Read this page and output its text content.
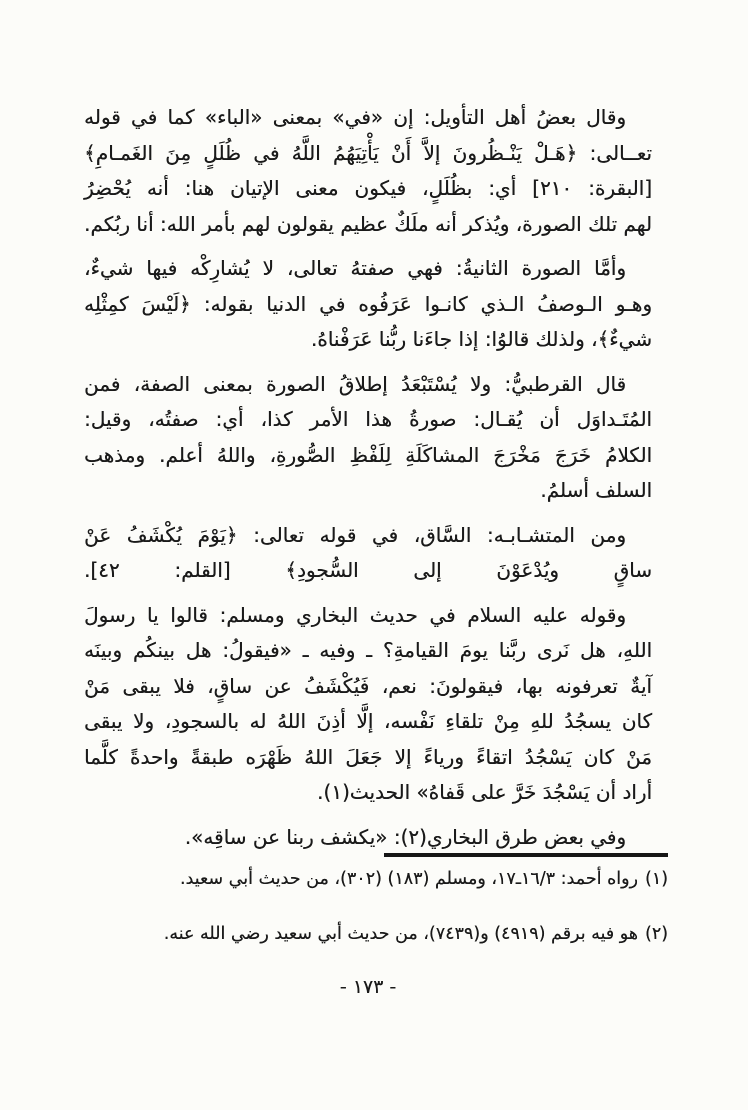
وقال بعضُ أهل التأويل: إن «في» بمعنى «الباء» كما في قوله
تعــالى: ﴿هَـلْ يَنْـظُرونَ إلاَّ أَنْ يَأْتِيَهُمُ اللَّهُ في ظُلَلٍ مِنَ الغَمـامِ﴾
[البقرة: ٢١٠] أي: بظُلَلٍ، فيكون معنى الإتيان هنا: أنه يُحْضِرُ
لهم تلك الصورة، ويُذكر أنه ملَكٌ عظيم يقولون لهم بأمر الله: أنا ربُكم.

وأمَّا الصورة الثانيةُ: فهي صفتهُ تعالى، لا يُشارِكْه فيها شيءٌ،
وهـو الـوصفُ الـذي كانـوا عَرَفُوه في الدنيا بقوله: ﴿لَيْسَ كمِثْلِه
شيءٌ﴾، ولذلك قالوُا: إذا جاءَنا ربُّنا عَرَفْناهُ.

قال القرطبيُّ: ولا يُسْتَبْعَدُ إطلاقُ الصورة بمعنى الصفة، فمن
المُتَـداوَل أن يُقـال: صورةُ هذا الأمر كذا، أي: صفتُه، وقيل:
الكلامُ خَرَجَ مَخْرَجَ المشاكَلَةِ لِلَفْظِ الصُّورةِ، واللهُ أعلم. ومذهب
السلف أسلمُ.

ومن المتشـابـه: السَّاق، في قوله تعالى: ﴿يَوْمَ يُكْشَفُ عَنْ
ساقٍ ويُدْعَوْنَ إلى السُّجودِ﴾ [القلم: ٤٢].

وقوله عليه السلام في حديث البخاري ومسلم: قالوا يا رسولَ
اللهِ، هل نَرى ربَّنا يومَ القيامةِ؟ ـ وفيه ـ «فيقولُ: هل بينكُم وبينَه
آيةٌ تعرفونه بها، فيقولونَ: نعم، فَيُكْشَفُ عن ساقٍ، فلا يبقى مَنْ
كان يسجُدُ للهِ مِنْ تلقاءِ نَفْسه، إلَّا أذِنَ اللهُ له بالسجودِ، ولا يبقى
مَنْ كان يَسْجُدُ اتقاءً ورياءً إلا جَعَلَ اللهُ ظَهْرَه طبقةً واحدةً كلَّما
أراد أن يَسْجُدَ خَرَّ على قَفاهُ» الحديث(١).

وفي بعض طرق البخاري(٢): «يكشف ربنا عن ساقِه».

(١)رواه أحمد: ١٦/٣ـ١٧، ومسلم (١٨٣) (٣٠٢)، من حديث أبي سعيد.
(٢)هو فيه برقم (٤٩١٩) و(٧٤٣٩)، من حديث أبي سعيد رضي الله عنه.
- ١٧٣ -
